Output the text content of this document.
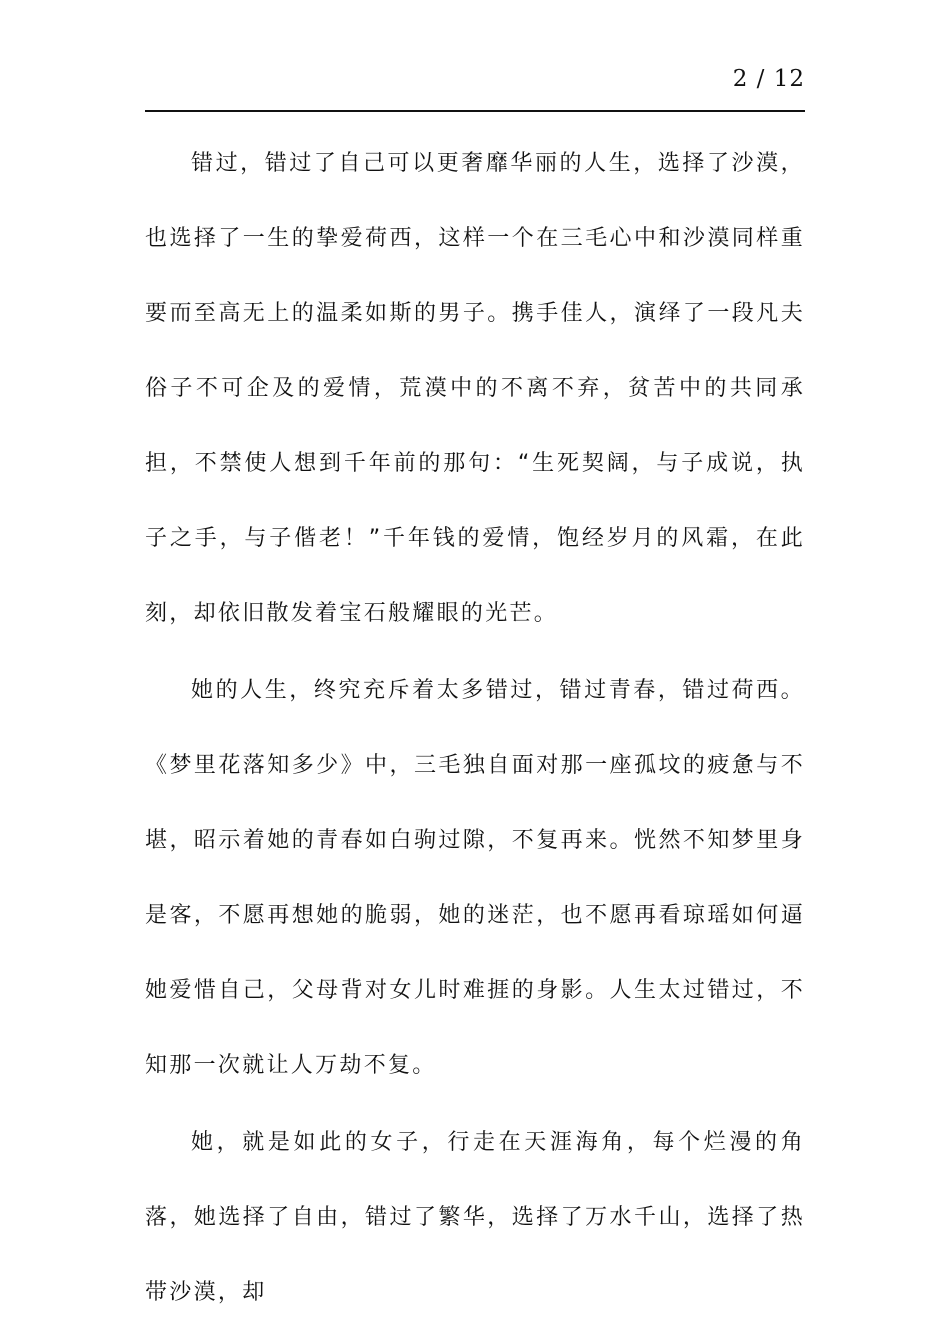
2 / 12

错过，错过了自己可以更奢靡华丽的人生，选择了沙漠，也选择了一生的挚爱荷西，这样一个在三毛心中和沙漠同样重要而至高无上的温柔如斯的男子。携手佳人，演绎了一段凡夫俗子不可企及的爱情，荒漠中的不离不弃，贫苦中的共同承担，不禁使人想到千年前的那句：“生死契阔，与子成说，执子之手，与子偕老！”千年钱的爱情，饱经岁月的风霜，在此刻，却依旧散发着宝石般耀眼的光芒。

她的人生，终究充斥着太多错过，错过青春，错过荷西。《梦里花落知多少》中，三毛独自面对那一座孤坟的疲惫与不堪，昭示着她的青春如白驹过隙，不复再来。恍然不知梦里身是客，不愿再想她的脆弱，她的迷茫，也不愿再看琼瑶如何逼她爱惜自己，父母背对女儿时难捱的身影。人生太过错过，不知那一次就让人万劫不复。

她，就是如此的女子，行走在天涯海角，每个烂漫的角落，她选择了自由，错过了繁华，选择了万水千山，选择了热带沙漠，却
